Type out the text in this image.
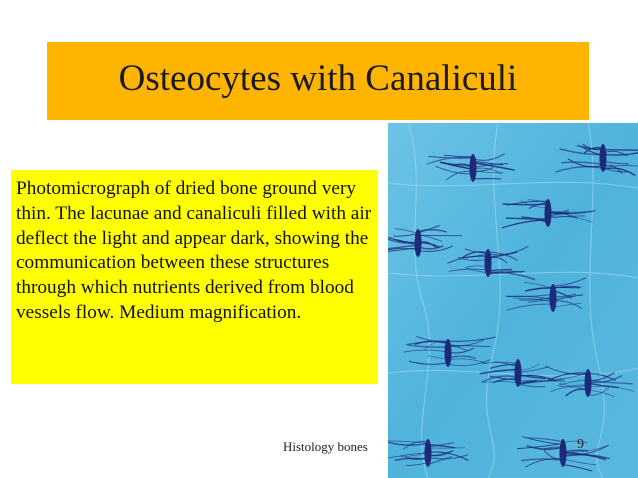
Osteocytes with Canaliculi
Photomicrograph of dried bone ground very thin. The lacunae and canaliculi filled with air deflect the light and appear dark, showing the communication between these structures through which nutrients derived from blood vessels flow. Medium magnification.
Histology bones	9
